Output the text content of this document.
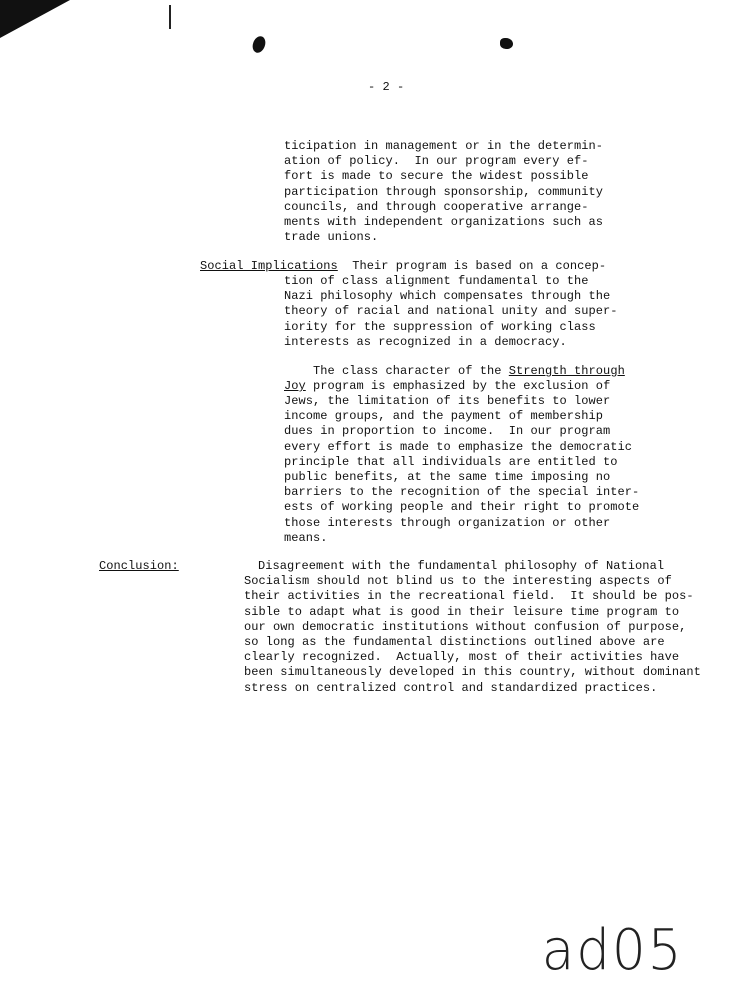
- 2 -
ticipation in management or in the determin-
ation of policy.  In our program every ef-
fort is made to secure the widest possible
participation through sponsorship, community
councils, and through cooperative arrange-
ments with independent organizations such as
trade unions.
Social Implications  Their program is based on a concep-
tion of class alignment fundamental to the
Nazi philosophy which compensates through the
theory of racial and national unity and super-
iority for the suppression of working class
interests as recognized in a democracy.
The class character of the Strength through
Joy program is emphasized by the exclusion of
Jews, the limitation of its benefits to lower
income groups, and the payment of membership
dues in proportion to income.  In our program
every effort is made to emphasize the democratic
principle that all individuals are entitled to
public benefits, at the same time imposing no
barriers to the recognition of the special inter-
ests of working people and their right to promote
those interests through organization or other
means.
Conclusion:	Disagreement with the fundamental philosophy of National
Socialism should not blind us to the interesting aspects of
their activities in the recreational field.  It should be pos-
sible to adapt what is good in their leisure time program to
our own democratic institutions without confusion of purpose,
so long as the fundamental distinctions outlined above are
clearly recognized.  Actually, most of their activities have
been simultaneously developed in this country, without dominant
stress on centralized control and standardized practices.
ad05
